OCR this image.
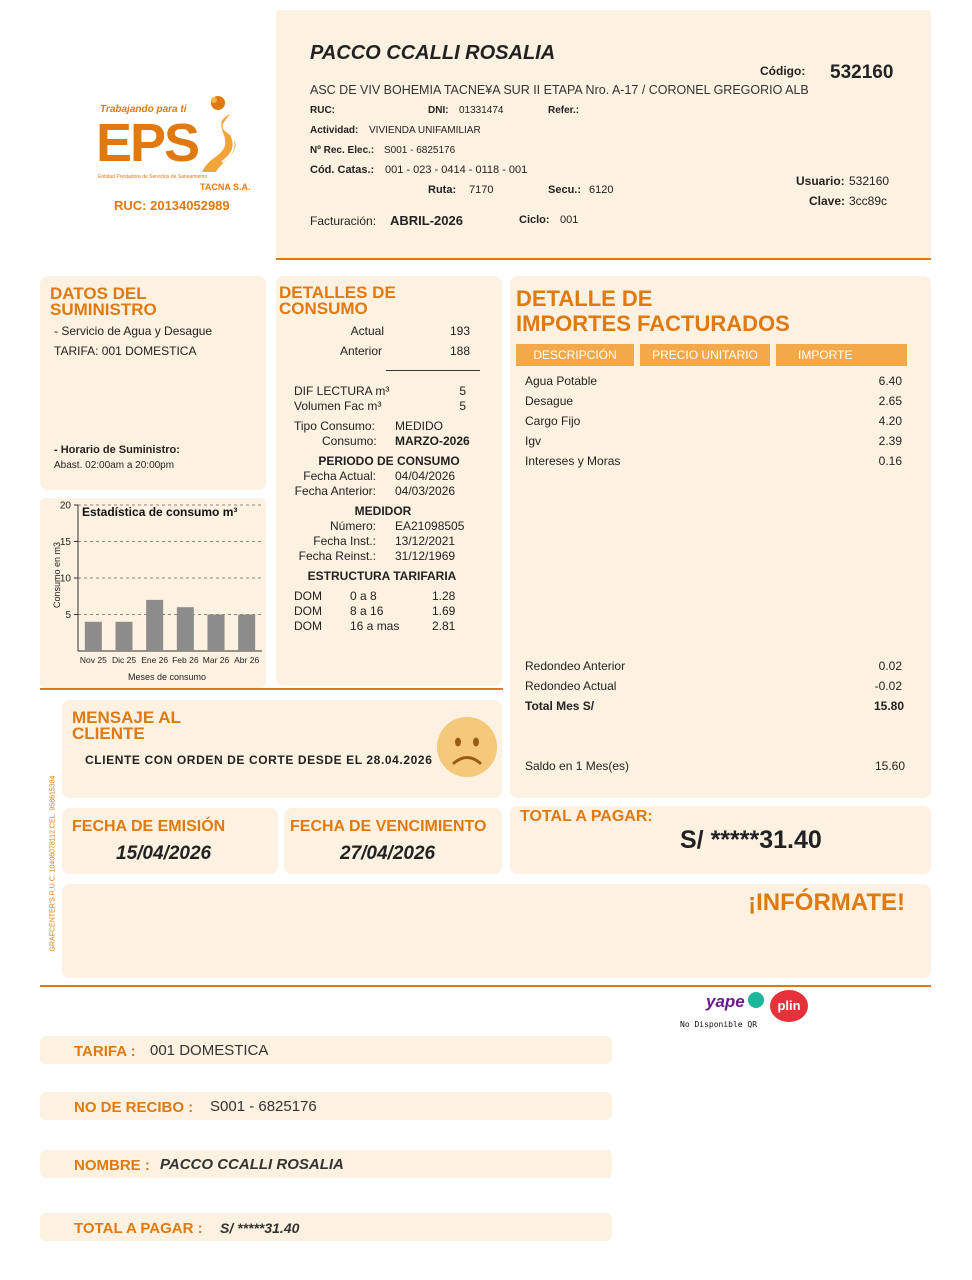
Trabajando para ti
EPS
Entidad Prestadora de Servicios de Saneamiento
TACNA S.A.
RUC: 20134052989
PACCO CCALLI ROSALIA
Código: 532160
ASC DE VIV BOHEMIA TACNE¥A SUR II ETAPA Nro. A-17 / CORONEL GREGORIO ALB
RUC:	DNI: 01331474	Refer.:
Actividad: VIVIENDA UNIFAMILIAR
Nº Rec. Elec.: S001 - 6825176
Cód. Catas.: 001 - 023 - 0414 - 0118 - 001
Ruta: 7170	Secu.: 6120
Usuario: 532160
Clave: 3cc89c
Facturación: ABRIL-2026	Ciclo: 001
DATOS DEL
SUMINISTRO
- Servicio de Agua y Desague
TARIFA: 001 DOMESTICA
- Horario de Suministro:
Abast. 02:00am a 20:00pm
5
10
15
20
Nov 25 Dic 25 Ene 26 Feb 26 Mar 26 Abr 26
Estadística de consumo m³
Consumo en m3
Meses de consumo
DETALLES DE
CONSUMO
Actual	193
Anterior	188
DIF LECTURA m³	5
Volumen Fac m³	5
Tipo Consumo: MEDIDO
Consumo: MARZO-2026
PERIODO DE CONSUMO
Fecha Actual: 04/04/2026
Fecha Anterior: 04/03/2026
MEDIDOR
Número: EA21098505
Fecha Inst.: 13/12/2021
Fecha Reinst.: 31/12/1969
ESTRUCTURA TARIFARIA
DOM 0 a 8	1.28
DOM 8 a 16	1.69
DOM 16 a mas	2.81
DETALLE DE
IMPORTES FACTURADOS
DESCRIPCIÓN	PRECIO UNITARIO	IMPORTE
Agua Potable	6.40
Desague	2.65
Cargo Fijo	4.20
Igv	2.39
Intereses y Moras	0.16
Redondeo Anterior	0.02
Redondeo Actual	-0.02
Total Mes S/	15.80
Saldo en 1 Mes(es)	15.60
MENSAJE AL
CLIENTE
CLIENTE CON ORDEN DE CORTE DESDE EL 28.04.2026
FECHA DE EMISIÓN
15/04/2026
FECHA DE VENCIMIENTO
27/04/2026
TOTAL A PAGAR:
S/ *****31.40
¡INFÓRMATE!
GRAFCENTER'S R.U.C. 10406078112 CEL. 958615384
yape	plin
No Disponible QR
TARIFA : 001 DOMESTICA
NO DE RECIBO : S001 - 6825176
NOMBRE : PACCO CCALLI ROSALIA
TOTAL A PAGAR : S/ *****31.40
